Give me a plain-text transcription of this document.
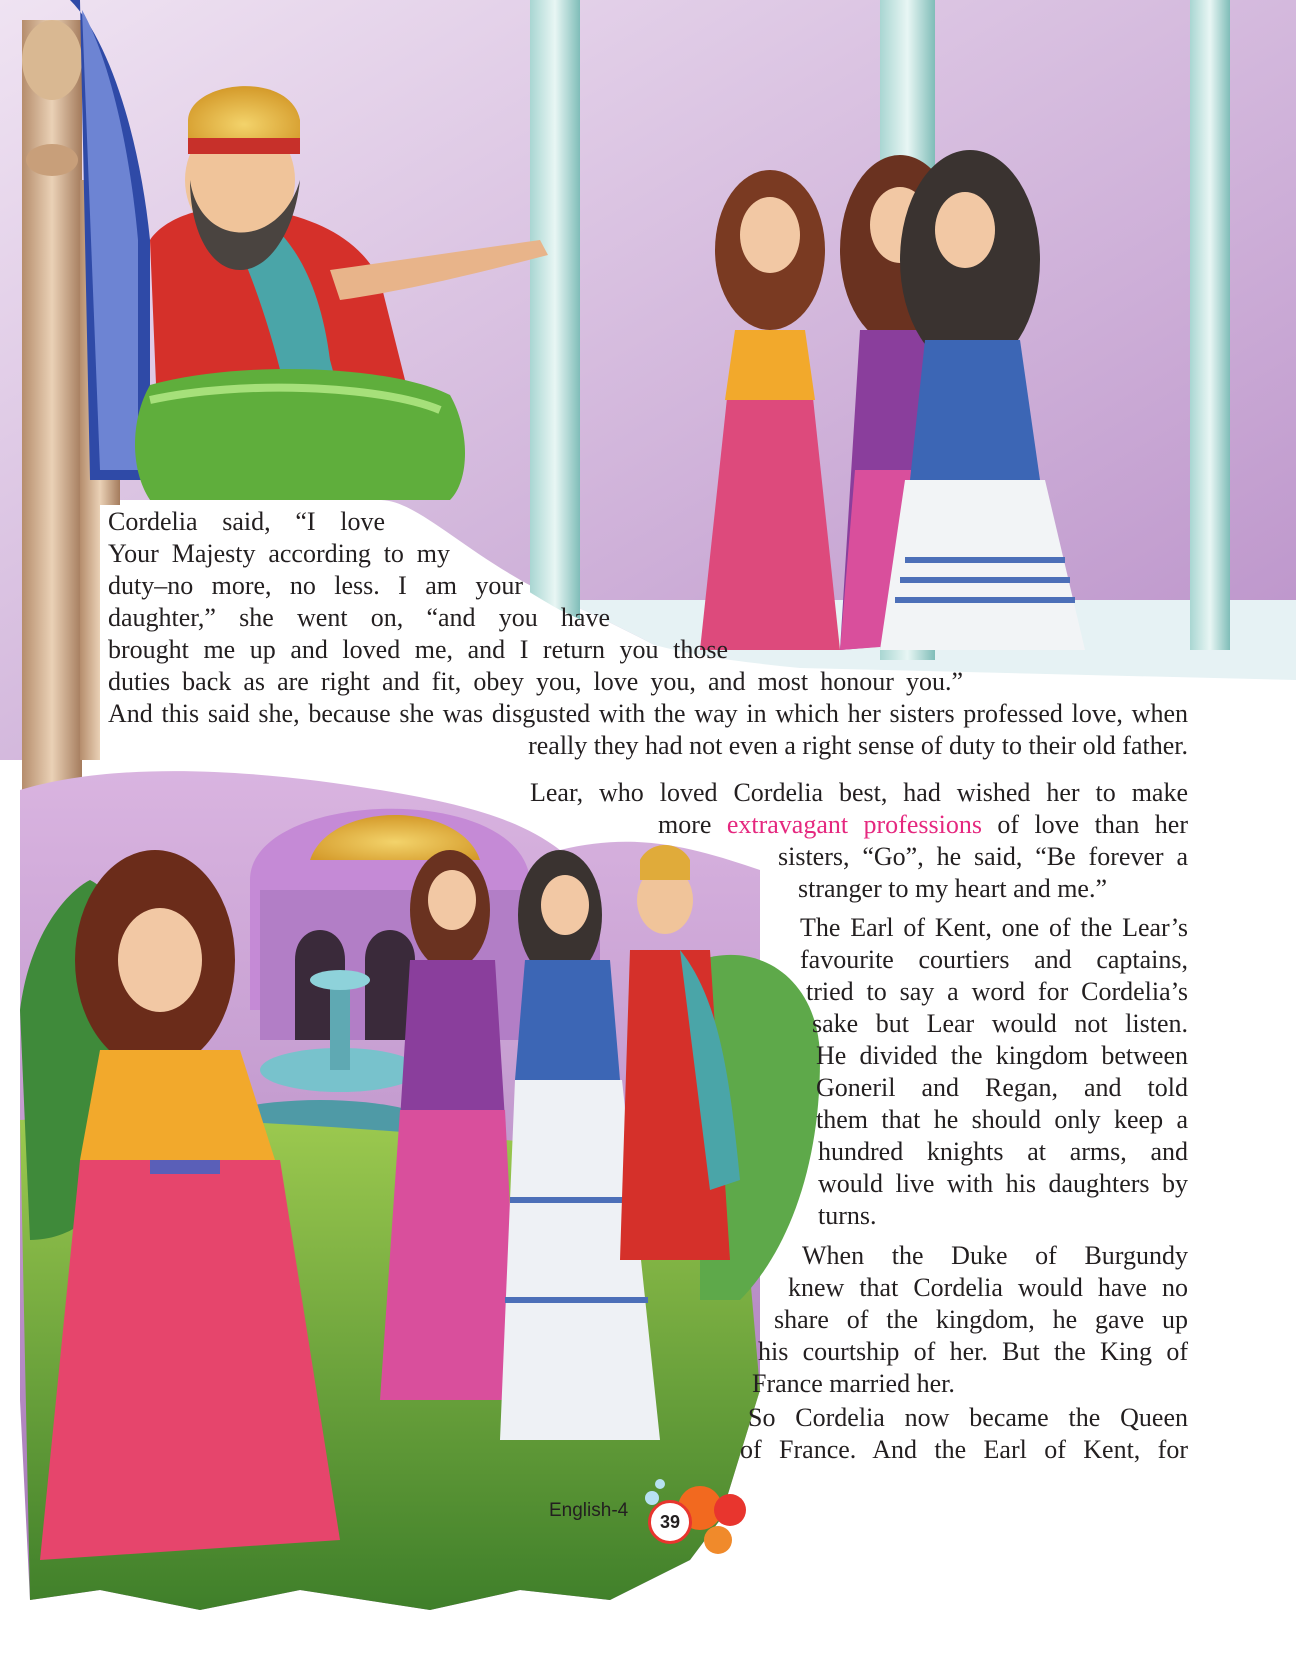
Cordelia said, “I love
Your Majesty according to my
duty–no more, no less. I am your
daughter,” she went on, “and you have
brought me up and loved me, and I return you those
duties back as are right and fit, obey you, love you, and most honour you.”
And this said she, because she was disgusted with the way in which her sisters professed love, when
really they had not even a right sense of duty to their old father.
Lear, who loved Cordelia best, had wished her to make
more extravagant professions of love than her
sisters, “Go”, he said, “Be forever a
stranger to my heart and me.”
The Earl of Kent, one of the Lear’s
favourite courtiers and captains,
tried to say a word for Cordelia’s
sake but Lear would not listen.
He divided the kingdom between
Goneril and Regan, and told
them that he should only keep a
hundred knights at arms, and
would live with his daughters by
turns.
When the Duke of Burgundy
knew that Cordelia would have no
share of the kingdom, he gave up
his courtship of her. But the King of
France married her.
So Cordelia now became the Queen
of France. And the Earl of Kent, for
English-4
39
